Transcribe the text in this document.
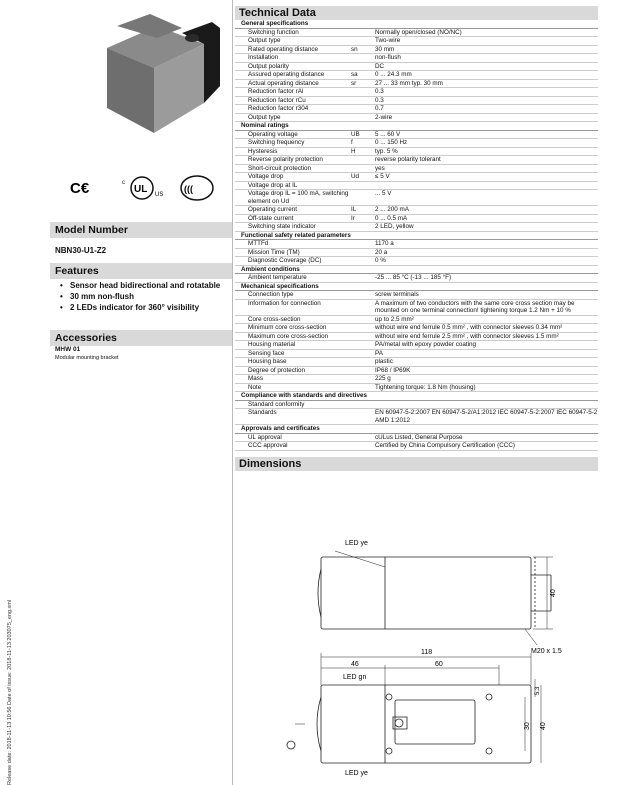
Release date: 2018-11-13 10:56 Date of issue: 2018-11-13 203075_eng.xml
C€	UL
c
US
(((
Model Number
NBN30-U1-Z2
Features
• Sensor head bidirectional and rotatable
• 30 mm non-flush
• 2 LEDs indicator for 360° visibility
Accessories
MHW 01
Modular mounting bracket
Technical Data
General specifications		
Switching function		Normally open/closed (NO/NC)
Output type		Two-wire
Rated operating distance	sn	30 mm
Installation		non-flush
Output polarity		DC
Assured operating distance	sa	0 ... 24.3 mm
Actual operating distance	sr	27 ... 33 mm typ. 30 mm
Reduction factor rAl		0.3
Reduction factor rCu		0.3
Reduction factor r304		0.7
Output type		2-wire
Nominal ratings		
Operating voltage	UB	5 ... 60 V
Switching frequency	f	0 ... 150 Hz
Hysteresis	H	typ. 5 %
Reverse polarity protection		reverse polarity tolerant
Short-circuit protection		yes
Voltage drop	Ud	≤ 5 V
Voltage drop at IL		
Voltage drop IL = 100 mA, switching element on Ud		... 5 V
Operating current	IL	2 ... 200 mA
Off-state current	Ir	0 ... 0.5 mA
Switching state indicator		2 LED, yellow
Functional safety related parameters		
MTTFd		1170 a
Mission Time (TM)		20 a
Diagnostic Coverage (DC)		0 %
Ambient conditions		
Ambient temperature		-25 ... 85 °C (-13 ... 185 °F)
Mechanical specifications		
Connection type		screw terminals
Information for connection		A maximum of two conductors with the same core cross section may be mounted on one terminal connection! tightening torque 1.2 Nm + 10 %
Core cross-section		up to 2.5 mm²
Minimum core cross-section		without wire end ferrule 0.5 mm² , with connector sleeves 0.34 mm²
Maximum core cross-section		without wire end ferrule 2.5 mm² , with connector sleeves 1.5 mm²
Housing material		PA/metal with epoxy powder coating
Sensing face		PA
Housing base		plastic
Degree of protection		IP68 / IP69K
Mass		225 g
Note		Tightening torque: 1.8 Nm (housing)
Compliance with standards and directives		
Standard conformity		
Standards		EN 60947-5-2:2007 EN 60947-5-2/A1:2012 IEC 60947-5-2:2007 IEC 60947-5-2 AMD 1:2012
Approvals and certificates		
UL approval		cULus Listed, General Purpose
CCC approval		Certified by China Compulsory Certification (CCC)
Dimensions
LED ye
40
M20 x 1.5
118
46	60
LED gn
5.3
30 40
LED ye
